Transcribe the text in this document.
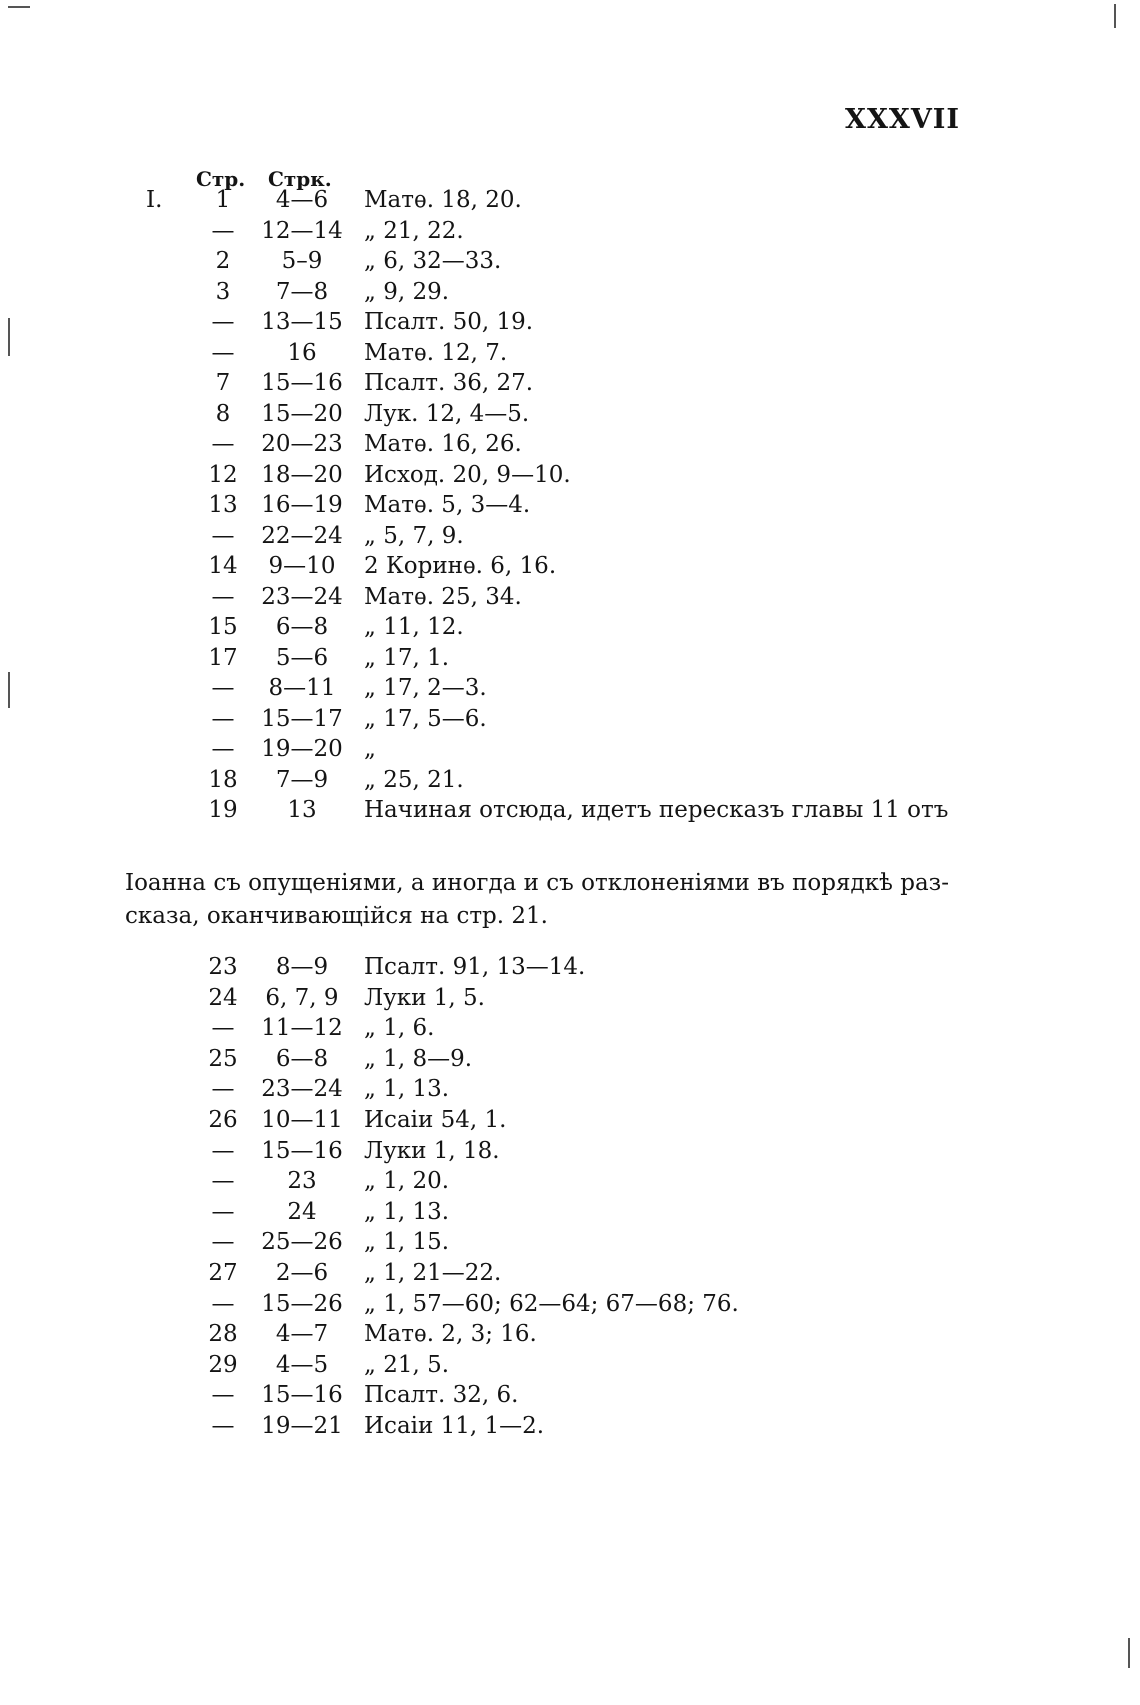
XXXVII
Стр. Стрк.
I.	1	4—6	Матѳ. 18, 20.
—	12—14 „ 21, 22.
2	5–9	„ 6, 32—33.
3	7—8	„ 9, 29.
—	13—15 Псалт. 50, 19.
—	16	Матѳ. 12, 7.
7	15—16 Псалт. 36, 27.
8	15—20 Лук. 12, 4—5.
—	20—23 Матѳ. 16, 26.
12	18—20 Исход. 20, 9—10.
13	16—19 Матѳ. 5, 3—4.
—	22—24 „ 5, 7, 9.
14	9—10	2 Коринѳ. 6, 16.
—	23—24 Матѳ. 25, 34.
15	6—8	„ 11, 12.
17	5—6	„ 17, 1.
—	8—11	„ 17, 2—3.
—	15—17 „ 17, 5—6.
—	19—20 „
18	7—9	„ 25, 21.
19	13	Начиная отсюда, идетъ пересказъ главы 11 отъ

Іоанна съ опущеніями, а иногда и съ отклоненіями въ порядкѣ раз-
сказа, оканчивающійся на стр. 21.

23	8—9	Псалт. 91, 13—14.
24	6, 7, 9	Луки 1, 5.
—	11—12 „ 1, 6.
25	6—8	„ 1, 8—9.
—	23—24 „ 1, 13.
26	10—11 Исаіи 54, 1.
—	15—16 Луки 1, 18.
—	23	„ 1, 20.
—	24	„ 1, 13.
—	25—26 „ 1, 15.
27	2—6	„ 1, 21—22.
—	15—26 „ 1, 57—60; 62—64; 67—68; 76.
28	4—7	Матѳ. 2, 3; 16.
29	4—5	„ 21, 5.
—	15—16 Псалт. 32, 6.
—	19—21 Исаіи 11, 1—2.
